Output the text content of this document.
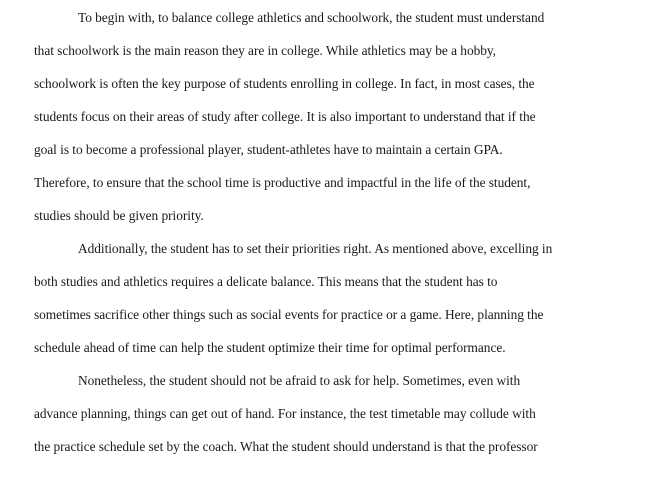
To begin with, to balance college athletics and schoolwork, the student must understand
that schoolwork is the main reason they are in college. While athletics may be a hobby,
schoolwork is often the key purpose of students enrolling in college. In fact, in most cases, the
students focus on their areas of study after college. It is also important to understand that if the
goal is to become a professional player, student-athletes have to maintain a certain GPA.
Therefore, to ensure that the school time is productive and impactful in the life of the student,
studies should be given priority.
Additionally, the student has to set their priorities right. As mentioned above, excelling in
both studies and athletics requires a delicate balance. This means that the student has to
sometimes sacrifice other things such as social events for practice or a game. Here, planning the
schedule ahead of time can help the student optimize their time for optimal performance.
Nonetheless, the student should not be afraid to ask for help. Sometimes, even with
advance planning, things can get out of hand. For instance, the test timetable may collude with
the practice schedule set by the coach. What the student should understand is that the professor
